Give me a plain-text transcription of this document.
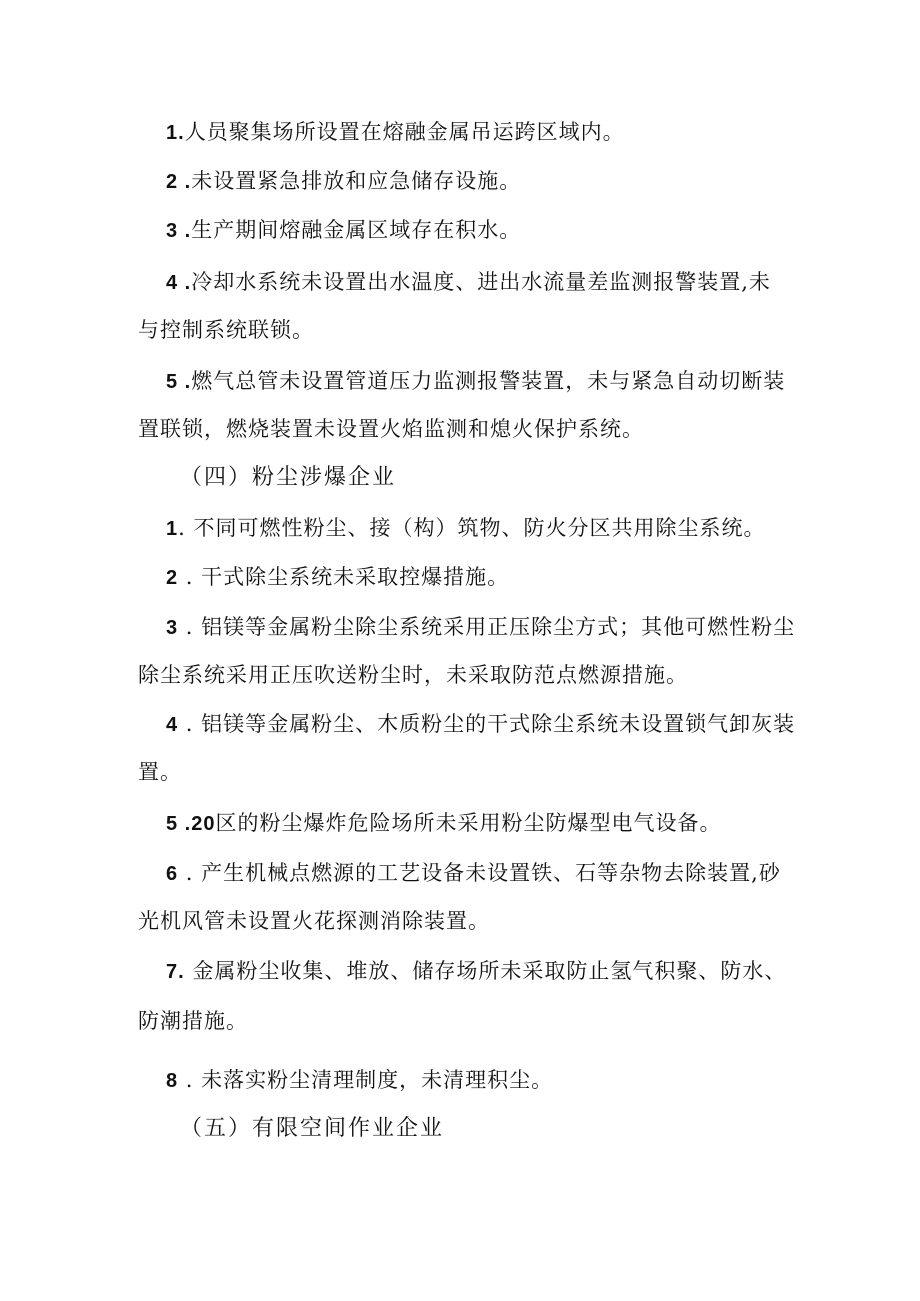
1.人员聚集场所设置在熔融金属吊运跨区域内。
2 .未设置紧急排放和应急储存设施。
3 .生产期间熔融金属区域存在积水。
4 .冷却水系统未设置出水温度、进出水流量差监测报警装置,未
与控制系统联锁。
5 .燃气总管未设置管道压力监测报警装置，未与紧急自动切断装
置联锁，燃烧装置未设置火焰监测和熄火保护系统。
（四）粉尘涉爆企业
1. 不同可燃性粉尘、接（构）筑物、防火分区共用除尘系统。
2 . 干式除尘系统未采取控爆措施。
3 . 铝镁等金属粉尘除尘系统采用正压除尘方式；其他可燃性粉尘
除尘系统采用正压吹送粉尘时，未采取防范点燃源措施。
4 . 铝镁等金属粉尘、木质粉尘的干式除尘系统未设置锁气卸灰装
置。
5 .20区的粉尘爆炸危险场所未采用粉尘防爆型电气设备。
6 . 产生机械点燃源的工艺设备未设置铁、石等杂物去除装置,砂
光机风管未设置火花探测消除装置。
7. 金属粉尘收集、堆放、储存场所未采取防止氢气积聚、防水、
防潮措施。
8 . 未落实粉尘清理制度，未清理积尘。
（五）有限空间作业企业
